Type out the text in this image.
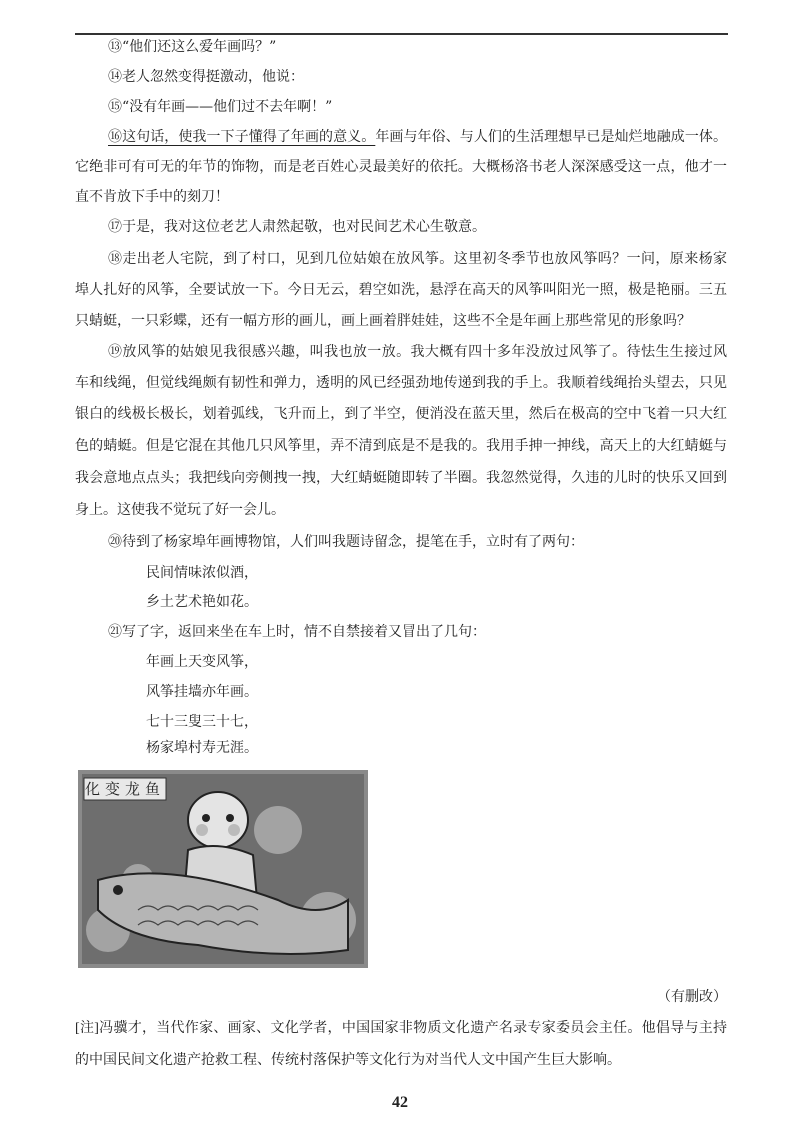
⑬“他们还这么爱年画吗？”
⑭老人忽然变得挺激动，他说：
⑮“没有年画——他们过不去年啊！”
⑯这句话，使我一下子懂得了年画的意义。年画与年俗、与人们的生活理想早已是灿烂地融成一体。
它绝非可有可无的年节的饰物，而是老百姓心灵最美好的依托。大概杨洛书老人深深感受这一点，他才一
直不肯放下手中的刻刀！
⑰于是，我对这位老艺人肃然起敬，也对民间艺术心生敬意。
⑱走出老人宅院，到了村口，见到几位姑娘在放风筝。这里初冬季节也放风筝吗？一问，原来杨家
埠人扎好的风筝，全要试放一下。今日无云，碧空如洗，悬浮在高天的风筝叫阳光一照，极是艳丽。三五
只蜻蜓，一只彩蝶，还有一幅方形的画儿，画上画着胖娃娃，这些不全是年画上那些常见的形象吗？
⑲放风筝的姑娘见我很感兴趣，叫我也放一放。我大概有四十多年没放过风筝了。待怯生生接过风
车和线绳，但觉线绳颇有韧性和弹力，透明的风已经强劲地传递到我的手上。我顺着线绳抬头望去，只见
银白的线极长极长，划着弧线，飞升而上，到了半空，便消没在蓝天里，然后在极高的空中飞着一只大红
色的蜻蜓。但是它混在其他几只风筝里，弄不清到底是不是我的。我用手抻一抻线，高天上的大红蜻蜓与
我会意地点点头；我把线向旁侧拽一拽，大红蜻蜓随即转了半圈。我忽然觉得，久违的儿时的快乐又回到
身上。这使我不觉玩了好一会儿。
⑳待到了杨家埠年画博物馆，人们叫我题诗留念，提笔在手，立时有了两句：
民间情味浓似酒，
乡土艺术艳如花。
㉑写了字，返回来坐在车上时，情不自禁接着又冒出了几句：
年画上天变风筝，
风筝挂墙亦年画。
七十三叟三十七，
杨家埠村寿无涯。
鱼龙变化
（有删改）
[注]冯骥才，当代作家、画家、文化学者，中国国家非物质文化遗产名录专家委员会主任。他倡导与主持
的中国民间文化遗产抢救工程、传统村落保护等文化行为对当代人文中国产生巨大影响。
42
